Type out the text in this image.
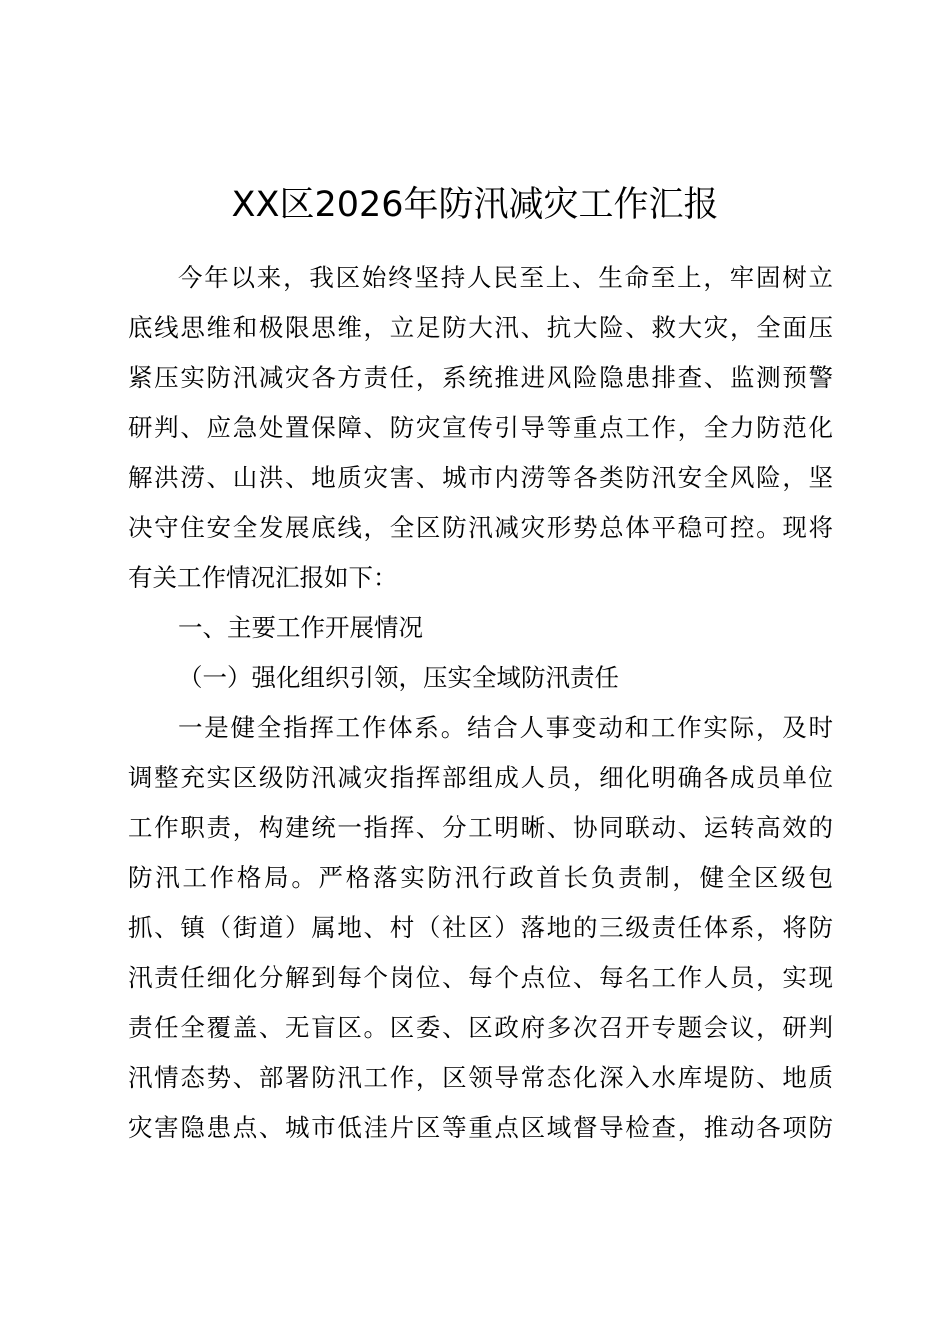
XX区2026年防汛减灾工作汇报
今年以来，我区始终坚持人民至上、生命至上，牢固树立
底线思维和极限思维，立足防大汛、抗大险、救大灾，全面压
紧压实防汛减灾各方责任，系统推进风险隐患排查、监测预警
研判、应急处置保障、防灾宣传引导等重点工作，全力防范化
解洪涝、山洪、地质灾害、城市内涝等各类防汛安全风险，坚
决守住安全发展底线，全区防汛减灾形势总体平稳可控。现将
有关工作情况汇报如下：
一、主要工作开展情况
（一）强化组织引领，压实全域防汛责任
一是健全指挥工作体系。结合人事变动和工作实际，及时
调整充实区级防汛减灾指挥部组成人员，细化明确各成员单位
工作职责，构建统一指挥、分工明晰、协同联动、运转高效的
防汛工作格局。严格落实防汛行政首长负责制，健全区级包
抓、镇（街道）属地、村（社区）落地的三级责任体系，将防
汛责任细化分解到每个岗位、每个点位、每名工作人员，实现
责任全覆盖、无盲区。区委、区政府多次召开专题会议，研判
汛情态势、部署防汛工作，区领导常态化深入水库堤防、地质
灾害隐患点、城市低洼片区等重点区域督导检查，推动各项防
